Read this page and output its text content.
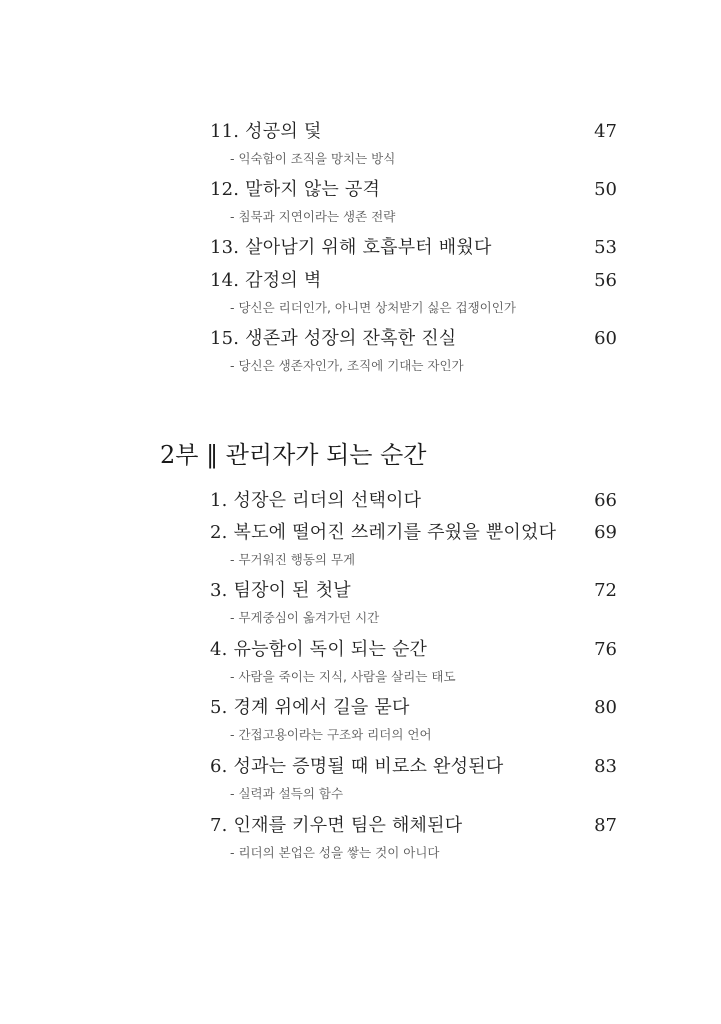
11. 성공의 덫	47
- 익숙함이 조직을 망치는 방식
12. 말하지 않는 공격	50
- 침묵과 지연이라는 생존 전략
13. 살아남기 위해 호흡부터 배웠다	53
14. 감정의 벽	56
- 당신은 리더인가, 아니면 상처받기 싫은 겁쟁이인가
15. 생존과 성장의 잔혹한 진실	60
- 당신은 생존자인가, 조직에 기대는 자인가
2부 ‖ 관리자가 되는 순간
1. 성장은 리더의 선택이다	66
2. 복도에 떨어진 쓰레기를 주웠을 뿐이었다 69
- 무거워진 행동의 무게
3. 팀장이 된 첫날	72
- 무게중심이 옮겨가던 시간
4. 유능함이 독이 되는 순간	76
- 사람을 죽이는 지식, 사람을 살리는 태도
5. 경계 위에서 길을 묻다	80
- 간접고용이라는 구조와 리더의 언어
6. 성과는 증명될 때 비로소 완성된다	83
- 실력과 설득의 함수
7. 인재를 키우면 팀은 해체된다	87
- 리더의 본업은 성을 쌓는 것이 아니다
